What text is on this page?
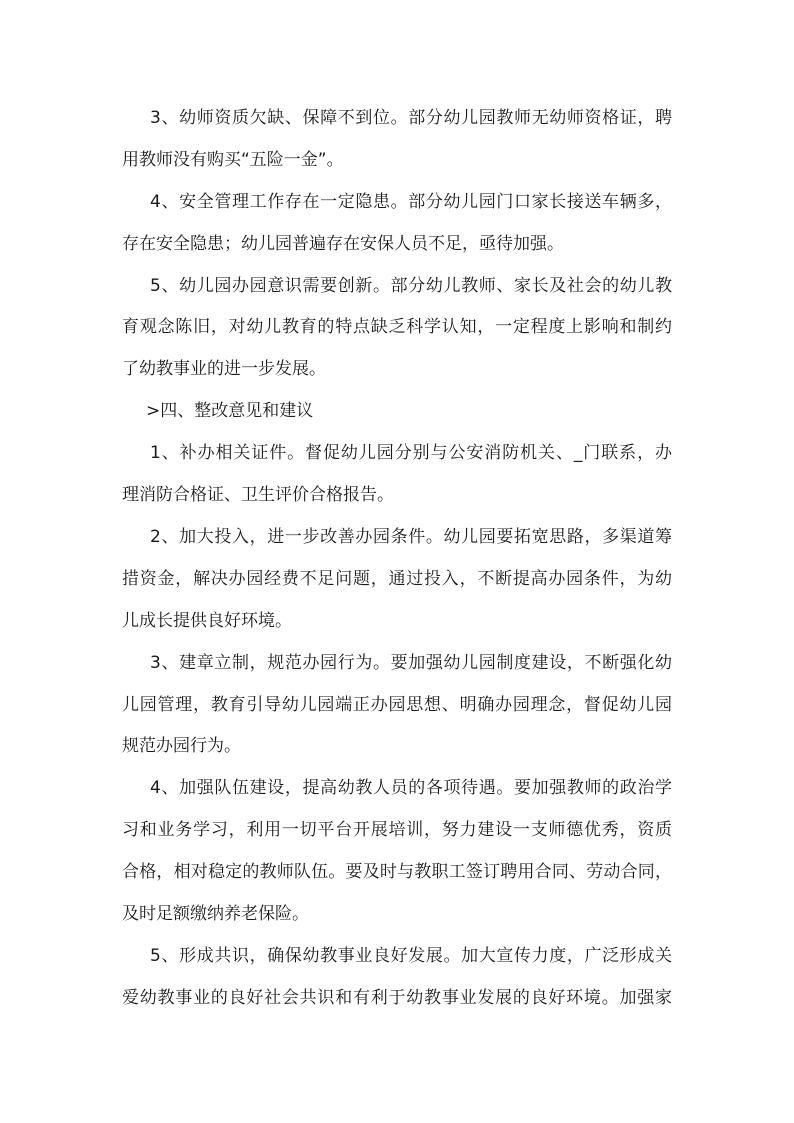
3、幼师资质欠缺、保障不到位。部分幼儿园教师无幼师资格证，聘
用教师没有购买“五险一金”。
4、安全管理工作存在一定隐患。部分幼儿园门口家长接送车辆多，
存在安全隐患；幼儿园普遍存在安保人员不足，亟待加强。
5、幼儿园办园意识需要创新。部分幼儿教师、家长及社会的幼儿教
育观念陈旧，对幼儿教育的特点缺乏科学认知，一定程度上影响和制约
了幼教事业的进一步发展。
>四、整改意见和建议
1、补办相关证件。督促幼儿园分别与公安消防机关、_门联系，办
理消防合格证、卫生评价合格报告。
2、加大投入，进一步改善办园条件。幼儿园要拓宽思路，多渠道筹
措资金，解决办园经费不足问题，通过投入，不断提高办园条件，为幼
儿成长提供良好环境。
3、建章立制，规范办园行为。要加强幼儿园制度建设，不断强化幼
儿园管理，教育引导幼儿园端正办园思想、明确办园理念，督促幼儿园
规范办园行为。
4、加强队伍建设，提高幼教人员的各项待遇。要加强教师的政治学
习和业务学习，利用一切平台开展培训，努力建设一支师德优秀，资质
合格，相对稳定的教师队伍。要及时与教职工签订聘用合同、劳动合同，
及时足额缴纳养老保险。
5、形成共识，确保幼教事业良好发展。加大宣传力度，广泛形成关
爱幼教事业的良好社会共识和有利于幼教事业发展的良好环境。加强家
